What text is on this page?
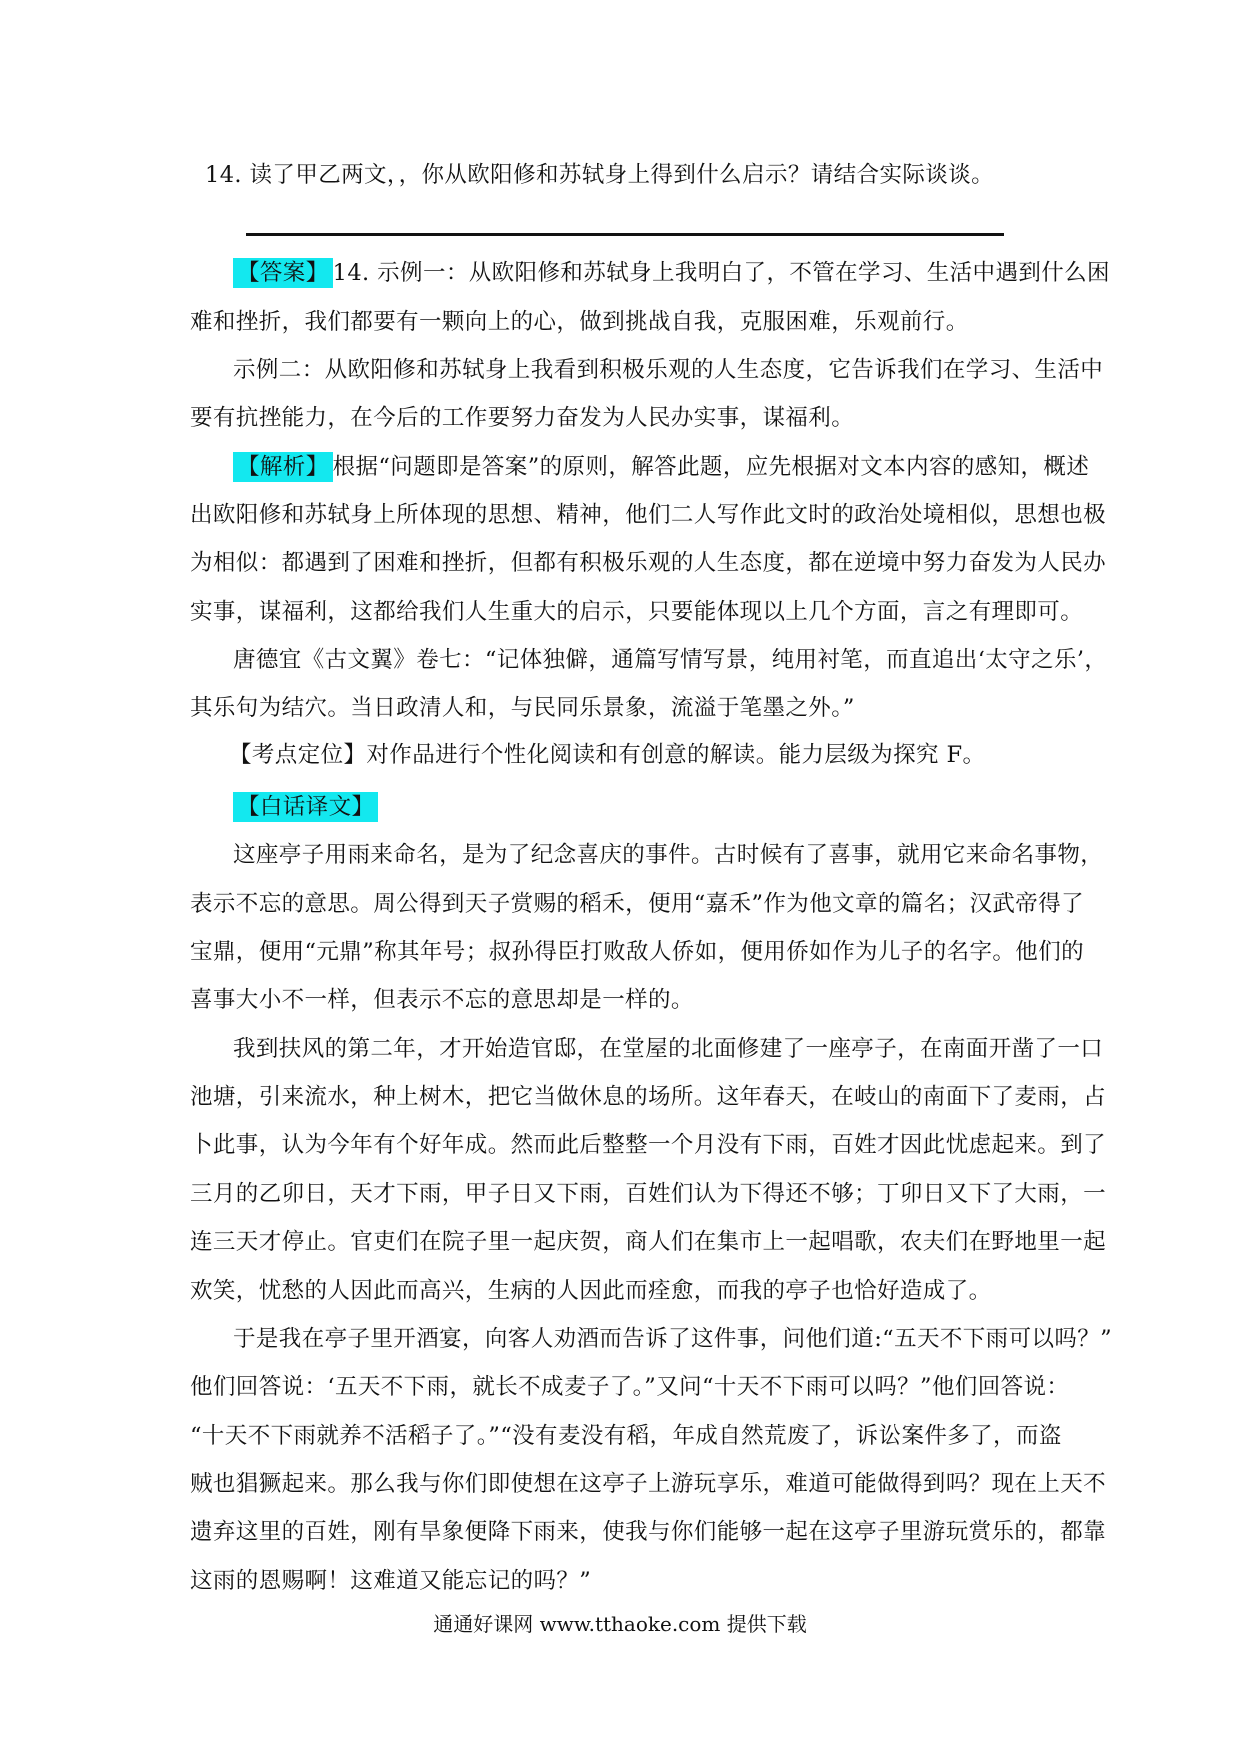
14. 读了甲乙两文，，你从欧阳修和苏轼身上得到什么启示？请结合实际谈谈。
【答案】 14. 示例一：从欧阳修和苏轼身上我明白了，不管在学习、生活中遇到什么困
难和挫折，我们都要有一颗向上的心，做到挑战自我，克服困难，乐观前行。
示例二：从欧阳修和苏轼身上我看到积极乐观的人生态度，它告诉我们在学习、生活中
要有抗挫能力，在今后的工作要努力奋发为人民办实事，谋福利。
【解析】 根据“问题即是答案”的原则，解答此题，应先根据对文本内容的感知，概述
出欧阳修和苏轼身上所体现的思想、精神，他们二人写作此文时的政治处境相似，思想也极
为相似：都遇到了困难和挫折，但都有积极乐观的人生态度，都在逆境中努力奋发为人民办
实事，谋福利，这都给我们人生重大的启示，只要能体现以上几个方面，言之有理即可。
唐德宜《古文翼》卷七：“记体独僻，通篇写情写景，纯用衬笔，而直追出‘太守之乐’，
其乐句为结穴。当日政清人和，与民同乐景象，流溢于笔墨之外。”
【考点定位】对作品进行个性化阅读和有创意的解读。能力层级为探究 F。
【白话译文】
这座亭子用雨来命名，是为了纪念喜庆的事件。古时候有了喜事，就用它来命名事物，
表示不忘的意思。周公得到天子赏赐的稻禾，便用“嘉禾”作为他文章的篇名；汉武帝得了
宝鼎，便用“元鼎”称其年号；叔孙得臣打败敌人侨如，便用侨如作为儿子的名字。他们的
喜事大小不一样，但表示不忘的意思却是一样的。
我到扶风的第二年，才开始造官邸，在堂屋的北面修建了一座亭子，在南面开凿了一口
池塘，引来流水，种上树木，把它当做休息的场所。这年春天，在岐山的南面下了麦雨，占
卜此事，认为今年有个好年成。然而此后整整一个月没有下雨，百姓才因此忧虑起来。到了
三月的乙卯日，天才下雨，甲子日又下雨，百姓们认为下得还不够；丁卯日又下了大雨，一
连三天才停止。官吏们在院子里一起庆贺，商人们在集市上一起唱歌，农夫们在野地里一起
欢笑，忧愁的人因此而高兴，生病的人因此而痊愈，而我的亭子也恰好造成了。
于是我在亭子里开酒宴，向客人劝酒而告诉了这件事，问他们道:“五天不下雨可以吗？”
他们回答说：‘五天不下雨，就长不成麦子了。”又问“十天不下雨可以吗？”他们回答说：
“十天不下雨就养不活稻子了。”“没有麦没有稻，年成自然荒废了，诉讼案件多了，而盗
贼也猖獗起来。那么我与你们即使想在这亭子上游玩享乐，难道可能做得到吗？现在上天不
遗弃这里的百姓，刚有旱象便降下雨来，使我与你们能够一起在这亭子里游玩赏乐的，都靠
这雨的恩赐啊！这难道又能忘记的吗？”
通通好课网 www.tthaoke.com 提供下载
